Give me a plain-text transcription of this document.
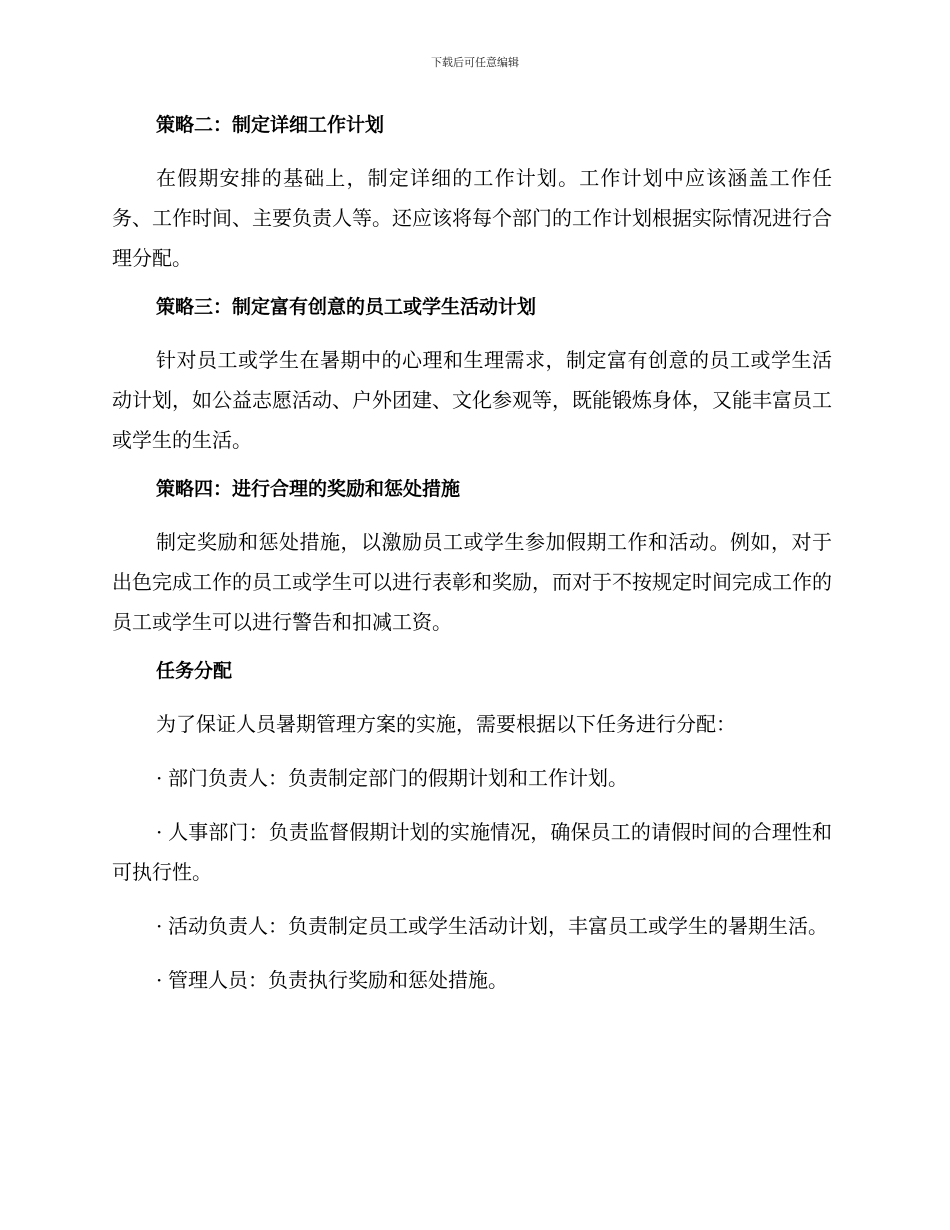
下载后可任意编辑
策略二：制定详细工作计划
在假期安排的基础上，制定详细的工作计划。工作计划中应该涵盖工作任务、工作时间、主要负责人等。还应该将每个部门的工作计划根据实际情况进行合理分配。
策略三：制定富有创意的员工或学生活动计划
针对员工或学生在暑期中的心理和生理需求，制定富有创意的员工或学生活动计划，如公益志愿活动、户外团建、文化参观等，既能锻炼身体，又能丰富员工或学生的生活。
策略四：进行合理的奖励和惩处措施
制定奖励和惩处措施，以激励员工或学生参加假期工作和活动。例如，对于出色完成工作的员工或学生可以进行表彰和奖励，而对于不按规定时间完成工作的员工或学生可以进行警告和扣减工资。
任务分配
为了保证人员暑期管理方案的实施，需要根据以下任务进行分配：
· 部门负责人：负责制定部门的假期计划和工作计划。
· 人事部门：负责监督假期计划的实施情况，确保员工的请假时间的合理性和可执行性。
· 活动负责人：负责制定员工或学生活动计划，丰富员工或学生的暑期生活。
· 管理人员：负责执行奖励和惩处措施。
